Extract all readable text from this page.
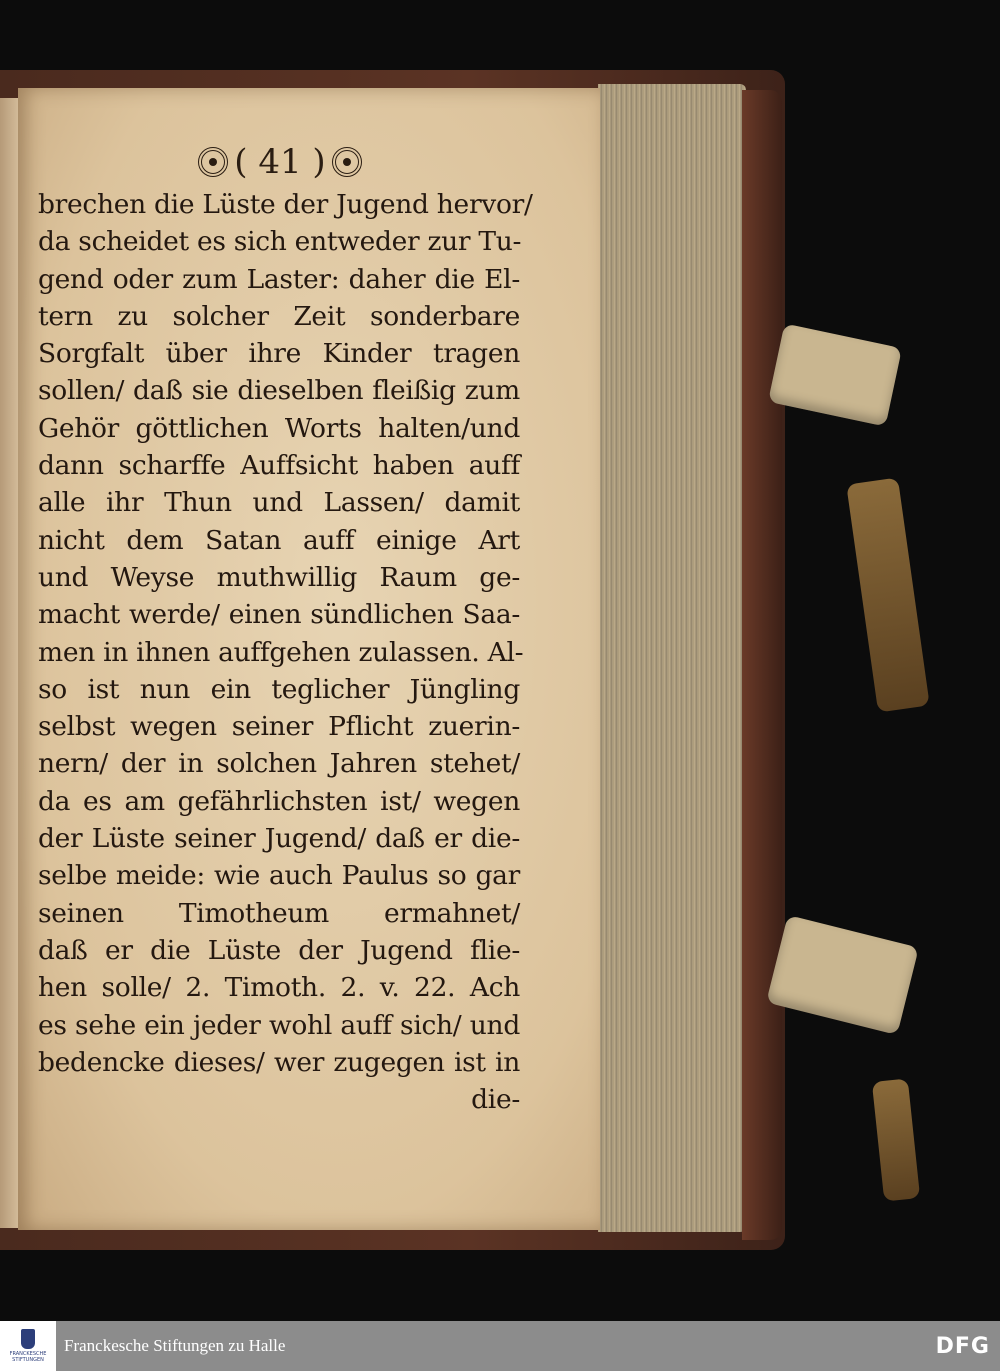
( 41 )
brechen die Lüste der Jugend hervor/
da scheidet es sich entweder zur Tu-
gend oder zum Laster: daher die El-
tern zu solcher Zeit sonderbare
Sorgfalt über ihre Kinder tragen
sollen/ daß sie dieselben fleißig zum
Gehör göttlichen Worts halten/und
dann scharffe Auffsicht haben auff
alle ihr Thun und Lassen/ damit
nicht dem Satan auff einige Art
und Weyse muthwillig Raum ge-
macht werde/ einen sündlichen Saa-
men in ihnen auffgehen zulassen. Al-
so ist nun ein teglicher Jüngling
selbst wegen seiner Pflicht zuerin-
nern/ der in solchen Jahren stehet/
da es am gefährlichsten ist/ wegen
der Lüste seiner Jugend/ daß er die-
selbe meide: wie auch Paulus so gar
seinen Timotheum ermahnet/
daß er die Lüste der Jugend flie-
hen solle/ 2. Timoth. 2. v. 22. Ach
es sehe ein jeder wohl auff sich/ und
bedencke dieses/ wer zugegen ist in
die-
FRANCKESCHE STIFTUNGEN
Franckesche Stiftungen zu Halle	DFG
